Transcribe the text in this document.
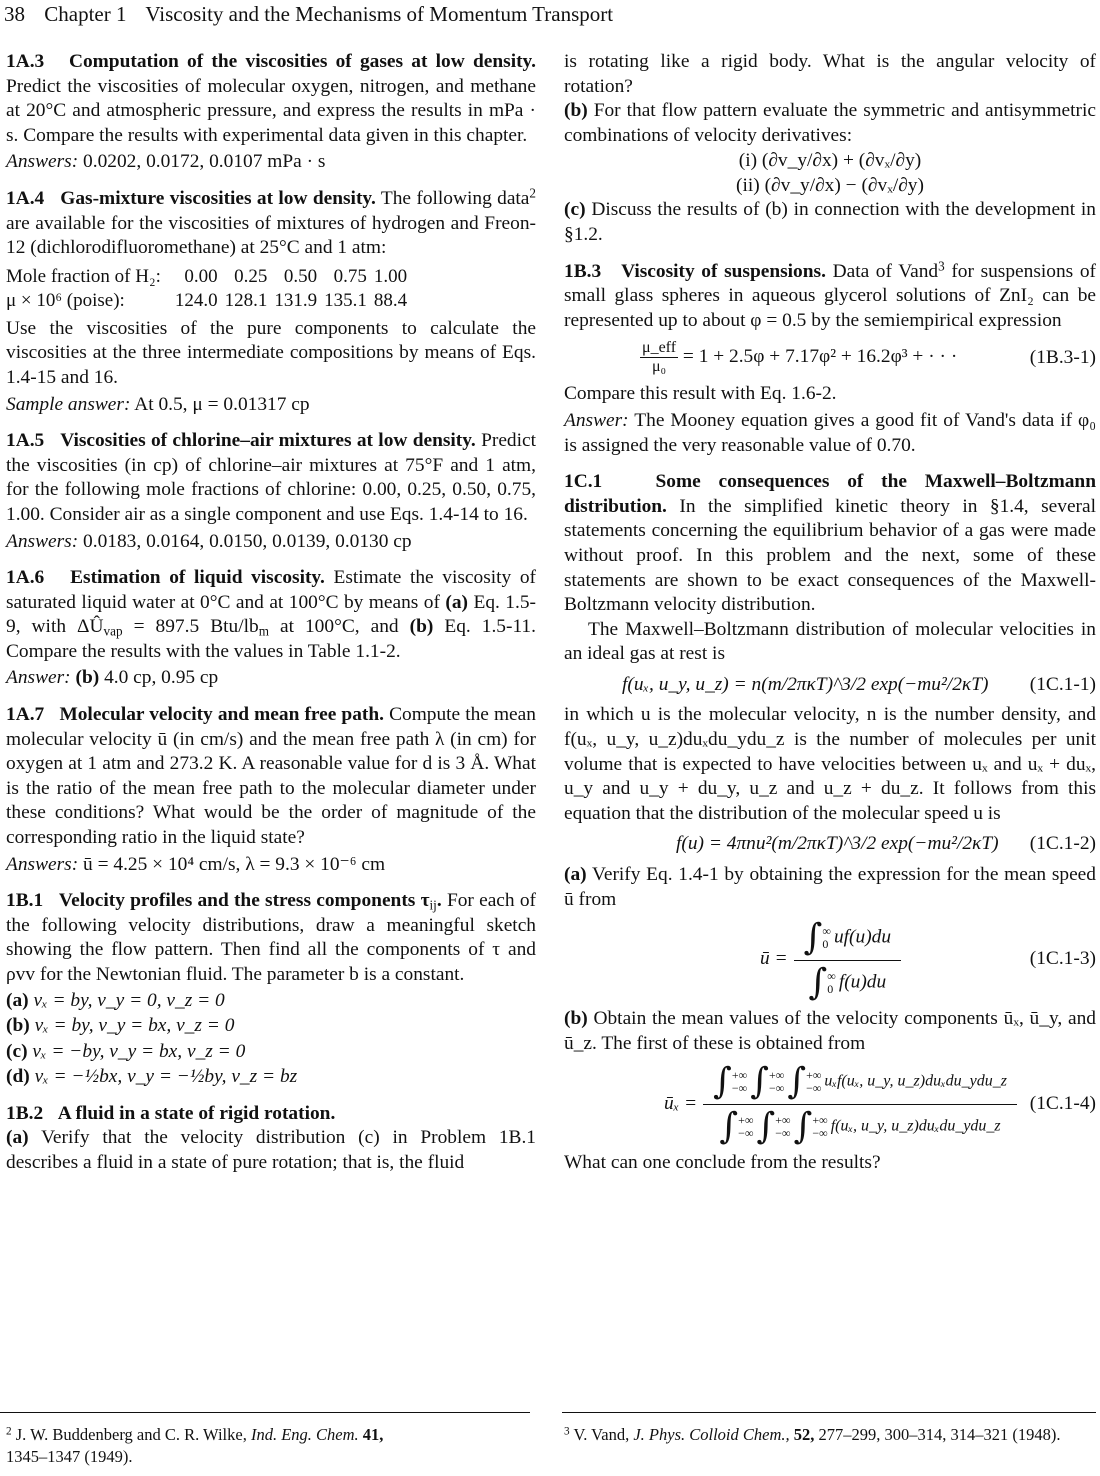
38 Chapter 1 Viscosity and the Mechanisms of Momentum Transport

1A.3 Computation of the viscosities of gases at low density. Predict the viscosities of molecular oxygen, nitrogen, and methane at 20°C and atmospheric pressure, and express the results in mPa · s. Compare the results with experimental data given in this chapter.

Answers: 0.0202, 0.0172, 0.0107 mPa · s

1A.4 Gas-mixture viscosities at low density. The following data$^2$ are available for the viscosities of mixtures of hydrogen and Freon-12 (dichlorodifluoromethane) at 25°C and 1 atm:

Mole fraction of H₂:	0.00	0.25	0.50	0.75	1.00
μ × 10⁶ (poise):	124.0	128.1	131.9	135.1	88.4

Use the viscosities of the pure components to calculate the viscosities at the three intermediate compositions by means of Eqs. 1.4-15 and 16.

Sample answer: At 0.5, μ = 0.01317 cp

1A.5 Viscosities of chlorine–air mixtures at low density. Predict the viscosities (in cp) of chlorine–air mixtures at 75°F and 1 atm, for the following mole fractions of chlorine: 0.00, 0.25, 0.50, 0.75, 1.00. Consider air as a single component and use Eqs. 1.4-14 to 16.

Answers: 0.0183, 0.0164, 0.0150, 0.0139, 0.0130 cp

1A.6 Estimation of liquid viscosity. Estimate the viscosity of saturated liquid water at 0°C and at 100°C by means of (a) Eq. 1.5-9, with $\Delta Û_{vap} = 897.5$ Btu/$lb_m$ at 100°C, and (b) Eq. 1.5-11. Compare the results with the values in Table 1.1-2.

Answer: (b) 4.0 cp, 0.95 cp

1A.7 Molecular velocity and mean free path. Compute the mean molecular velocity ū (in cm/s) and the mean free path λ (in cm) for oxygen at 1 atm and 273.2 K. A reasonable value for d is 3 Å. What is the ratio of the mean free path to the molecular diameter under these conditions? What would be the order of magnitude of the corresponding ratio in the liquid state?

Answers: ū = 4.25 × 10⁴ cm/s, λ = 9.3 × 10⁻⁶ cm

1B.1 Velocity profiles and the stress components $\tau_{ij}$. For each of the following velocity distributions, draw a meaningful sketch showing the flow pattern. Then find all the components of τ and ρvv for the Newtonian fluid. The parameter b is a constant.

(a) vₓ = by, v_y = 0, v_z = 0
(b) vₓ = by, v_y = bx, v_z = 0
(c) vₓ = −by, v_y = bx, v_z = 0
(d) vₓ = −½bx, v_y = −½by, v_z = bz

1B.2 A fluid in a state of rigid rotation.

(a) Verify that the velocity distribution (c) in Problem 1B.1 describes a fluid in a state of pure rotation; that is, the fluid

is rotating like a rigid body. What is the angular velocity of rotation?

(b) For that flow pattern evaluate the symmetric and antisymmetric combinations of velocity derivatives:

(i) (∂v_y/∂x) + (∂vₓ/∂y)
(ii) (∂v_y/∂x) − (∂vₓ/∂y)

(c) Discuss the results of (b) in connection with the development in §1.2.

1B.3 Viscosity of suspensions. Data of Vand$^3$ for suspensions of small glass spheres in aqueous glycerol solutions of ZnI₂ can be represented up to about φ = 0.5 by the semiempirical expression

$\frac{\text{μ\_eff}}{\text{μ₀}} = 1 + 2.5\varphi + 7.17\varphi^2 + 16.2\varphi^3$ + · · ·	(1B.3-1)

Compare this result with Eq. 1.6-2.

Answer: The Mooney equation gives a good fit of Vand's data if φ₀ is assigned the very reasonable value of 0.70.

1C.1	Some consequences of the Maxwell–Boltzmann distribution. In the simplified kinetic theory in §1.4, several statements concerning the equilibrium behavior of a gas were made without proof. In this problem and the next, some of these statements are shown to be exact consequences of the Maxwell-Boltzmann velocity distribution.

The Maxwell–Boltzmann distribution of molecular velocities in an ideal gas at rest is

f(uₓ, u_y, u_z) = n(m/2πκT)^3/2 exp(−mu²/2κT) (1C.1-1)

in which u is the molecular velocity, n is the number density, and f(uₓ, u_y, u_z)duₓdu_ydu_z is the number of molecules per unit volume that is expected to have velocities between uₓ and uₓ + duₓ, u_y and u_y + du_y, u_z and u_z + du_z. It follows from this equation that the distribution of the molecular speed u is

f(u) = 4πnu²(m/2πκT)^3/2 exp(−mu²/2κT) (1C.1-2)

(a) Verify Eq. 1.4-1 by obtaining the expression for the mean speed ū from

ū = ∫ ∞
0 uf(u)du
∫ ∞
0 f(u)du	(1C.1-3)

(b) Obtain the mean values of the velocity components ūₓ, ū_y, and ū_z. The first of these is obtained from

ūₓ =
∫ +∞
−∞ ∫ +∞
−∞ ∫ +∞
−∞ uₓf(uₓ, u_y, u_z)duₓdu_ydu_z
∫ +∞
−∞ ∫ +∞
−∞ ∫ +∞
−∞ f(uₓ, u_y, u_z)duₓdu_ydu_z
(1C.1-4)

What can one conclude from the results?

$^2$ J. W. Buddenberg and C. R. Wilke, Ind. Eng. Chem. 41,
1345–1347 (1949).
$^3$ V. Vand, J. Phys. Colloid Chem., 52, 277–299, 300–314, 314–321 (1948).
